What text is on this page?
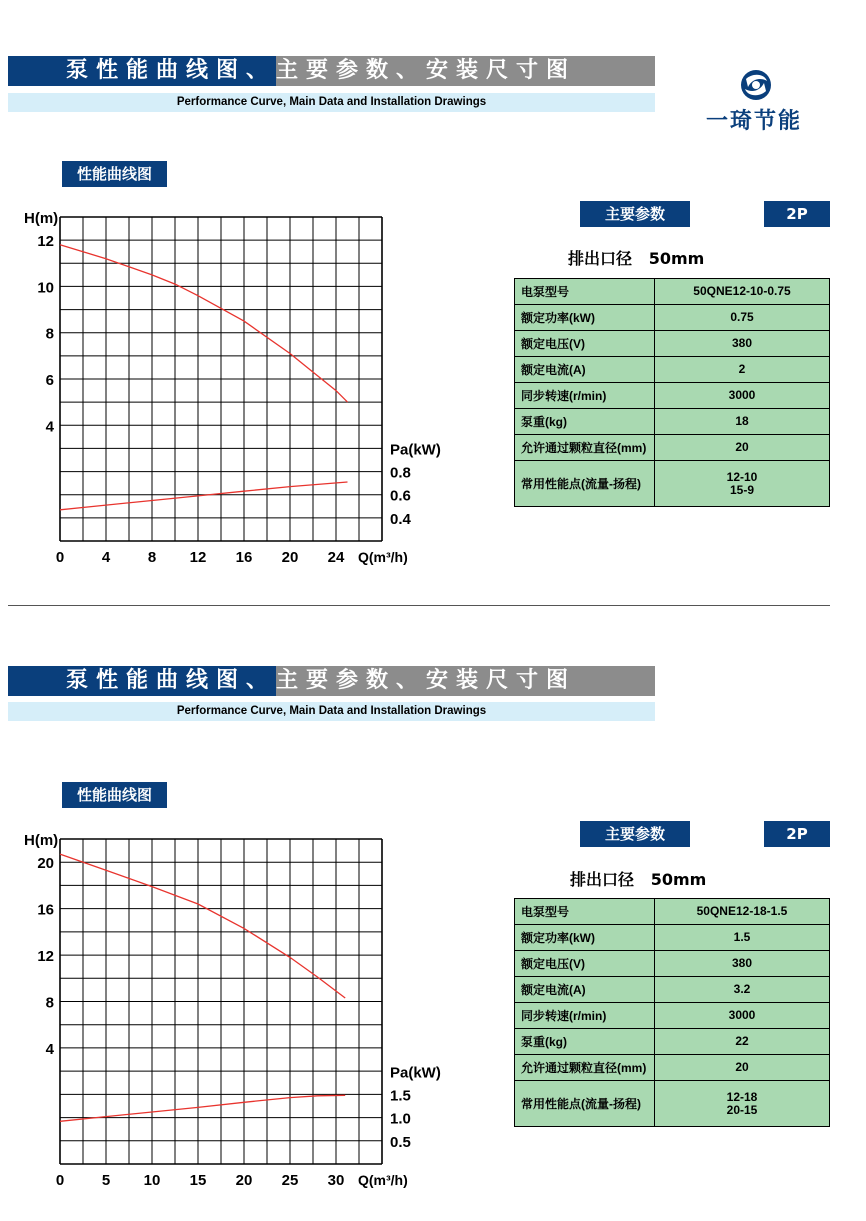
泵性能曲线图、主要参数、安装尺寸图
Performance Curve, Main Data and Installation Drawings
一琦节能
性能曲线图
12
10
8
6
4
H(m)
0	4	8 12 16 20 24 Q(m³/h)
0.8
0.6
0.4
Pa(kW)
主要参数	2P
排出口径 50mm
电泵型号	50QNE12-10-0.75
额定功率(kW)	0.75
额定电压(V)	380
额定电流(A)	2
同步转速(r/min)	3000
泵重(kg)	18
允许通过颗粒直径(mm)	20
常用性能点(流量-扬程)	12-10
15-9
泵性能曲线图、主要参数、安装尺寸图
Performance Curve, Main Data and Installation Drawings
性能曲线图
20
16
12
8
4
H(m)
0	5 10 15 20 25 30 Q(m³/h)
1.5
1.0
0.5
Pa(kW)
主要参数	2P
排出口径 50mm
电泵型号	50QNE12-18-1.5
额定功率(kW)	1.5
额定电压(V)	380
额定电流(A)	3.2
同步转速(r/min)	3000
泵重(kg)	22
允许通过颗粒直径(mm)	20
常用性能点(流量-扬程)	12-18
20-15
